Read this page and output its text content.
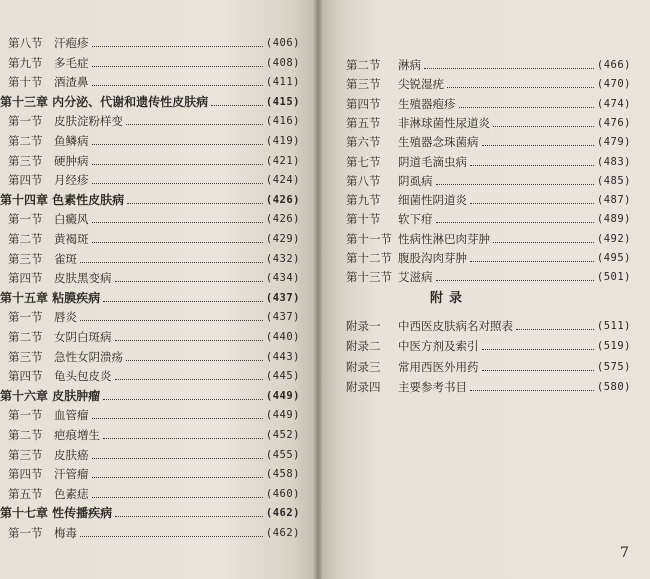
第八节	汗疱疹	(406)
第九节	多毛症	(408)
第十节	酒渣鼻	(411)
第十三章 内分泌、代谢和遗传性皮肤病	(415)
第一节	皮肤淀粉样变	(416)
第二节	鱼鳞病	(419)
第三节	硬肿病	(421)
第四节	月经疹	(424)
第十四章 色素性皮肤病	(426)
第一节	白癜风	(426)
第二节	黄褐斑	(429)
第三节	雀斑	(432)
第四节	皮肤黑变病	(434)
第十五章 粘膜疾病	(437)
第一节	唇炎	(437)
第二节	女阴白斑病	(440)
第三节	急性女阴溃疡	(443)
第四节	龟头包皮炎	(445)
第十六章 皮肤肿瘤	(449)
第一节	血管瘤	(449)
第二节	疤痕增生	(452)
第三节	皮肤癌	(455)
第四节	汗管瘤	(458)
第五节	色素痣	(460)
第十七章 性传播疾病	(462)
第一节	梅毒	(462)
第二节	淋病	(466)
第三节	尖锐湿疣	(470)
第四节	生殖器疱疹	(474)
第五节	非淋球菌性尿道炎	(476)
第六节	生殖器念珠菌病	(479)
第七节	阴道毛滴虫病	(483)
第八节	阴虱病	(485)
第九节	细菌性阴道炎	(487)
第十节	软下疳	(489)
第十一节 性病性淋巴肉芽肿	(492)
第十二节 腹股沟肉芽肿	(495)
第十三节 艾滋病	(501)
附录
附录一	中西医皮肤病名对照表	(511)
附录二	中医方剂及索引	(519)
附录三	常用西医外用药	(575)
附录四	主要参考书目	(580)
7
